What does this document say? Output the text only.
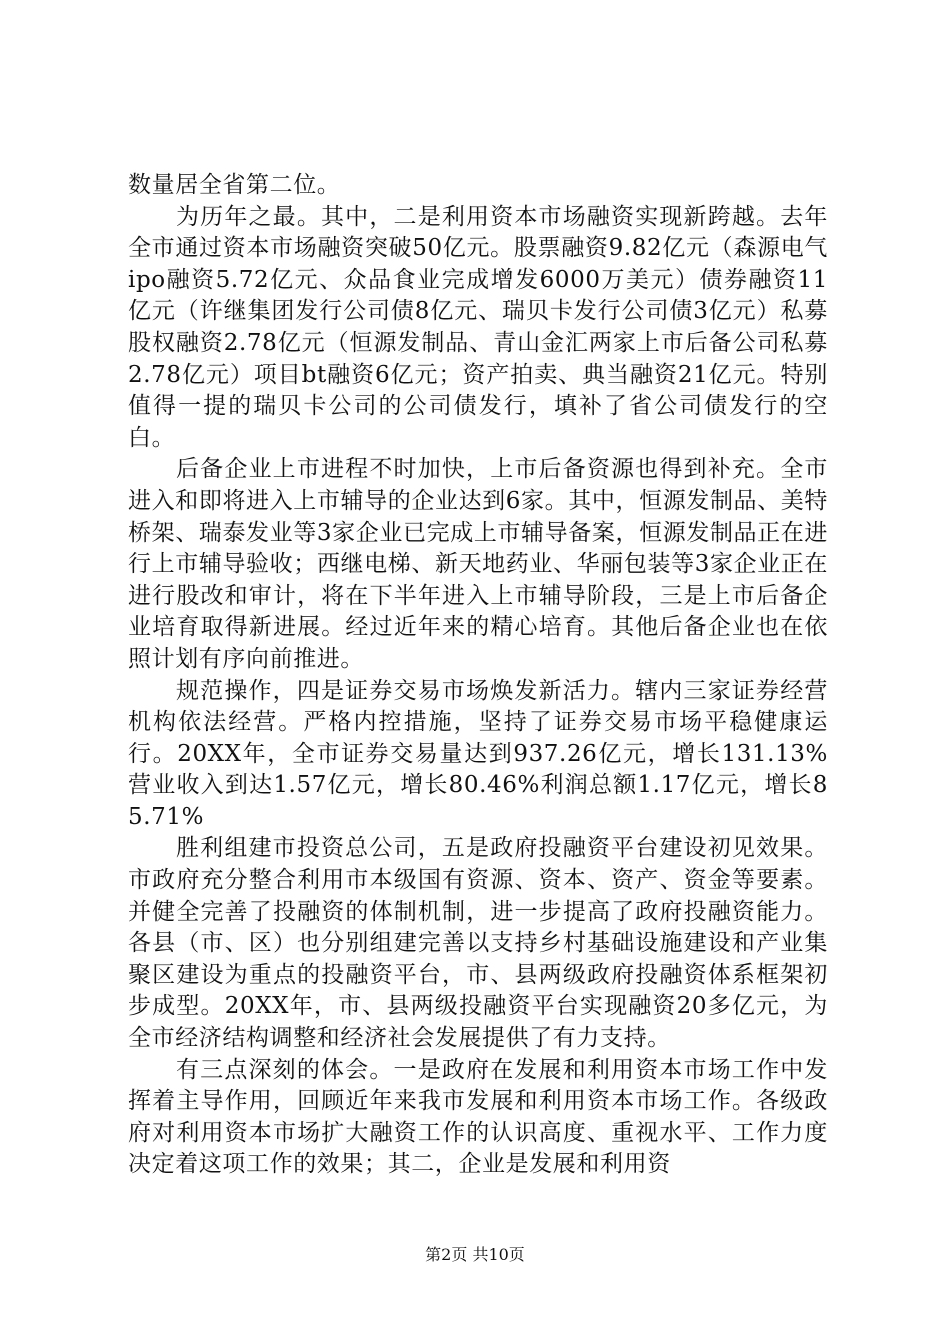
数量居全省第二位。

为历年之最。其中，二是利用资本市场融资实现新跨越。去年全市通过资本市场融资突破50亿元。股票融资9.82亿元（森源电气ipo融资5.72亿元、众品食业完成增发6000万美元）债券融资11亿元（许继集团发行公司债8亿元、瑞贝卡发行公司债3亿元）私募股权融资2.78亿元（恒源发制品、青山金汇两家上市后备公司私募2.78亿元）项目bt融资6亿元；资产拍卖、典当融资21亿元。特别值得一提的瑞贝卡公司的公司债发行，填补了省公司债发行的空白。

后备企业上市进程不时加快，上市后备资源也得到补充。全市进入和即将进入上市辅导的企业达到6家。其中，恒源发制品、美特桥架、瑞泰发业等3家企业已完成上市辅导备案，恒源发制品正在进行上市辅导验收；西继电梯、新天地药业、华丽包装等3家企业正在进行股改和审计，将在下半年进入上市辅导阶段，三是上市后备企业培育取得新进展。经过近年来的精心培育。其他后备企业也在依照计划有序向前推进。

规范操作，四是证券交易市场焕发新活力。辖内三家证券经营机构依法经营。严格内控措施，坚持了证券交易市场平稳健康运行。20XX年，全市证券交易量达到937.26亿元，增长131.13%营业收入到达1.57亿元，增长80.46%利润总额1.17亿元，增长85.71%

胜利组建市投资总公司，五是政府投融资平台建设初见效果。市政府充分整合利用市本级国有资源、资本、资产、资金等要素。并健全完善了投融资的体制机制，进一步提高了政府投融资能力。各县（市、区）也分别组建完善以支持乡村基础设施建设和产业集聚区建设为重点的投融资平台，市、县两级政府投融资体系框架初步成型。20XX年，市、县两级投融资平台实现融资20多亿元，为全市经济结构调整和经济社会发展提供了有力支持。

有三点深刻的体会。一是政府在发展和利用资本市场工作中发挥着主导作用，回顾近年来我市发展和利用资本市场工作。各级政府对利用资本市场扩大融资工作的认识高度、重视水平、工作力度决定着这项工作的效果；其二，企业是发展和利用资

第2页 共10页
